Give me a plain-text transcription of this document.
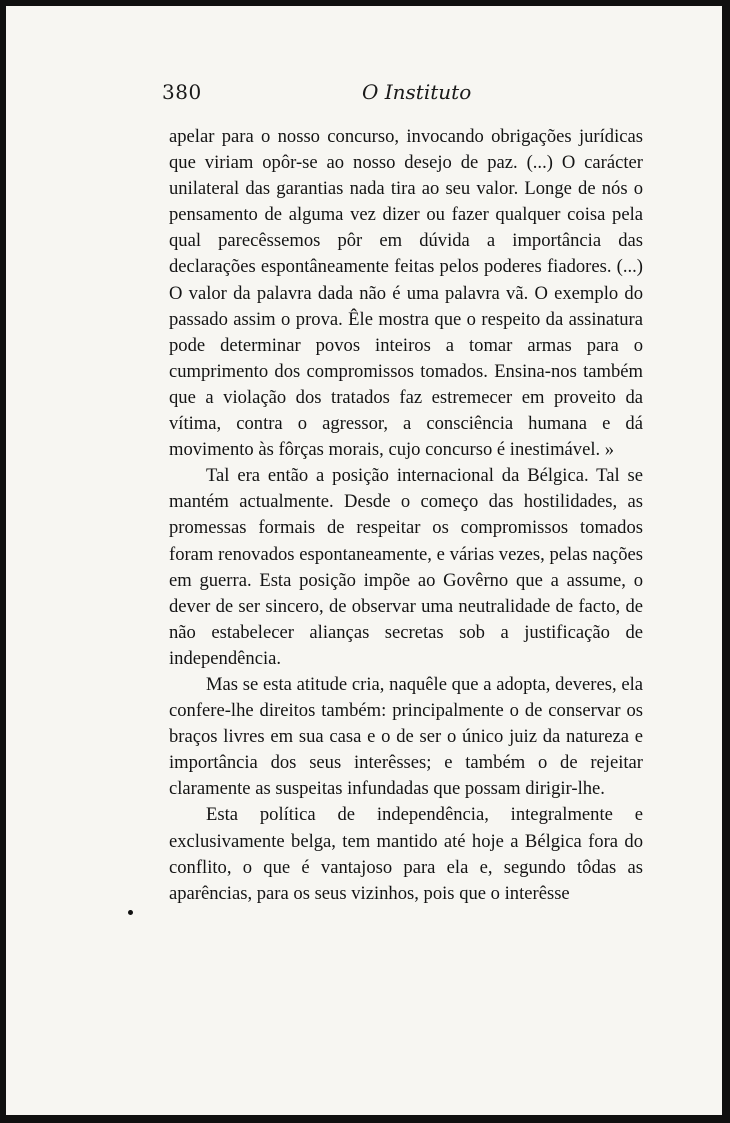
380	O Instituto

apelar para o nosso concurso, invocando obrigações jurídicas que viriam opôr-se ao nosso desejo de paz. (...) O carácter unilateral das garantias nada tira ao seu valor. Longe de nós o pensamento de alguma vez dizer ou fazer qualquer coisa pela qual parecêssemos pôr em dúvida a importância das declarações espontâneamente feitas pelos poderes fiadores. (...) O valor da palavra dada não é uma palavra vã. O exemplo do passado assim o prova. Êle mostra que o respeito da assinatura pode determinar povos inteiros a tomar armas para o cumprimento dos compromissos tomados. Ensina-nos também que a violação dos tratados faz estremecer em proveito da vítima, contra o agressor, a consciência humana e dá movimento às fôrças morais, cujo concurso é inestimável. »

Tal era então a posição internacional da Bélgica. Tal se mantém actualmente. Desde o começo das hostilidades, as promessas formais de respeitar os compromissos tomados foram renovados espontaneamente, e várias vezes, pelas nações em guerra. Esta posição impõe ao Govêrno que a assume, o dever de ser sincero, de observar uma neutralidade de facto, de não estabelecer alianças secretas sob a justificação de independência.

Mas se esta atitude cria, naquêle que a adopta, deveres, ela confere-lhe direitos também: principalmente o de conservar os braços livres em sua casa e o de ser o único juiz da natureza e importância dos seus interêsses; e também o de rejeitar claramente as suspeitas infundadas que possam dirigir-lhe.

Esta política de independência, integralmente e exclusivamente belga, tem mantido até hoje a Bélgica fora do conflito, o que é vantajoso para ela e, segundo tôdas as aparências, para os seus vizinhos, pois que o interêsse
